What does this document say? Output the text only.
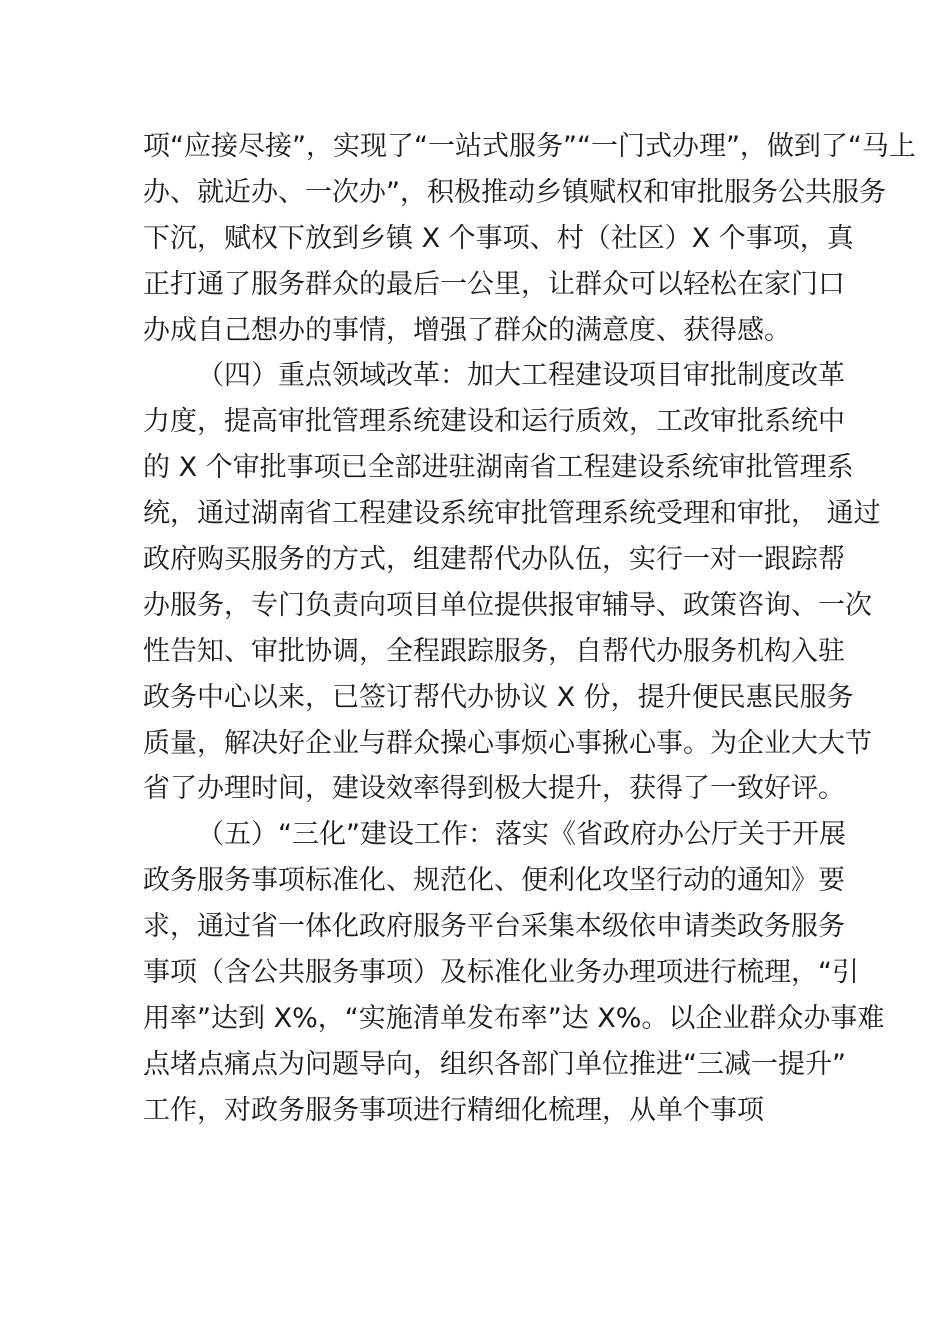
项“应接尽接”，实现了“一站式服务”“一门式办理”，做到了“马上
办、就近办、一次办”，积极推动乡镇赋权和审批服务公共服务
下沉，赋权下放到乡镇 X 个事项、村（社区）X 个事项，真
正打通了服务群众的最后一公里，让群众可以轻松在家门口
办成自己想办的事情，增强了群众的满意度、获得感。
（四）重点领域改革：加大工程建设项目审批制度改革
力度，提高审批管理系统建设和运行质效，工改审批系统中
的 X 个审批事项已全部进驻湖南省工程建设系统审批管理系
统，通过湖南省工程建设系统审批管理系统受理和审批， 通过
政府购买服务的方式，组建帮代办队伍，实行一对一跟踪帮
办服务，专门负责向项目单位提供报审辅导、政策咨询、一次
性告知、审批协调，全程跟踪服务，自帮代办服务机构入驻
政务中心以来，已签订帮代办协议 X 份，提升便民惠民服务
质量，解决好企业与群众操心事烦心事揪心事。为企业大大节
省了办理时间，建设效率得到极大提升，获得了一致好评。
（五）“三化”建设工作：落实《省政府办公厅关于开展
政务服务事项标准化、规范化、便利化攻坚行动的通知》要
求，通过省一体化政府服务平台采集本级依申请类政务服务
事项（含公共服务事项）及标准化业务办理项进行梳理，“引
用率”达到 X%，“实施清单发布率”达 X%。以企业群众办事难
点堵点痛点为问题导向，组织各部门单位推进“三减一提升”
工作，对政务服务事项进行精细化梳理，从单个事项
